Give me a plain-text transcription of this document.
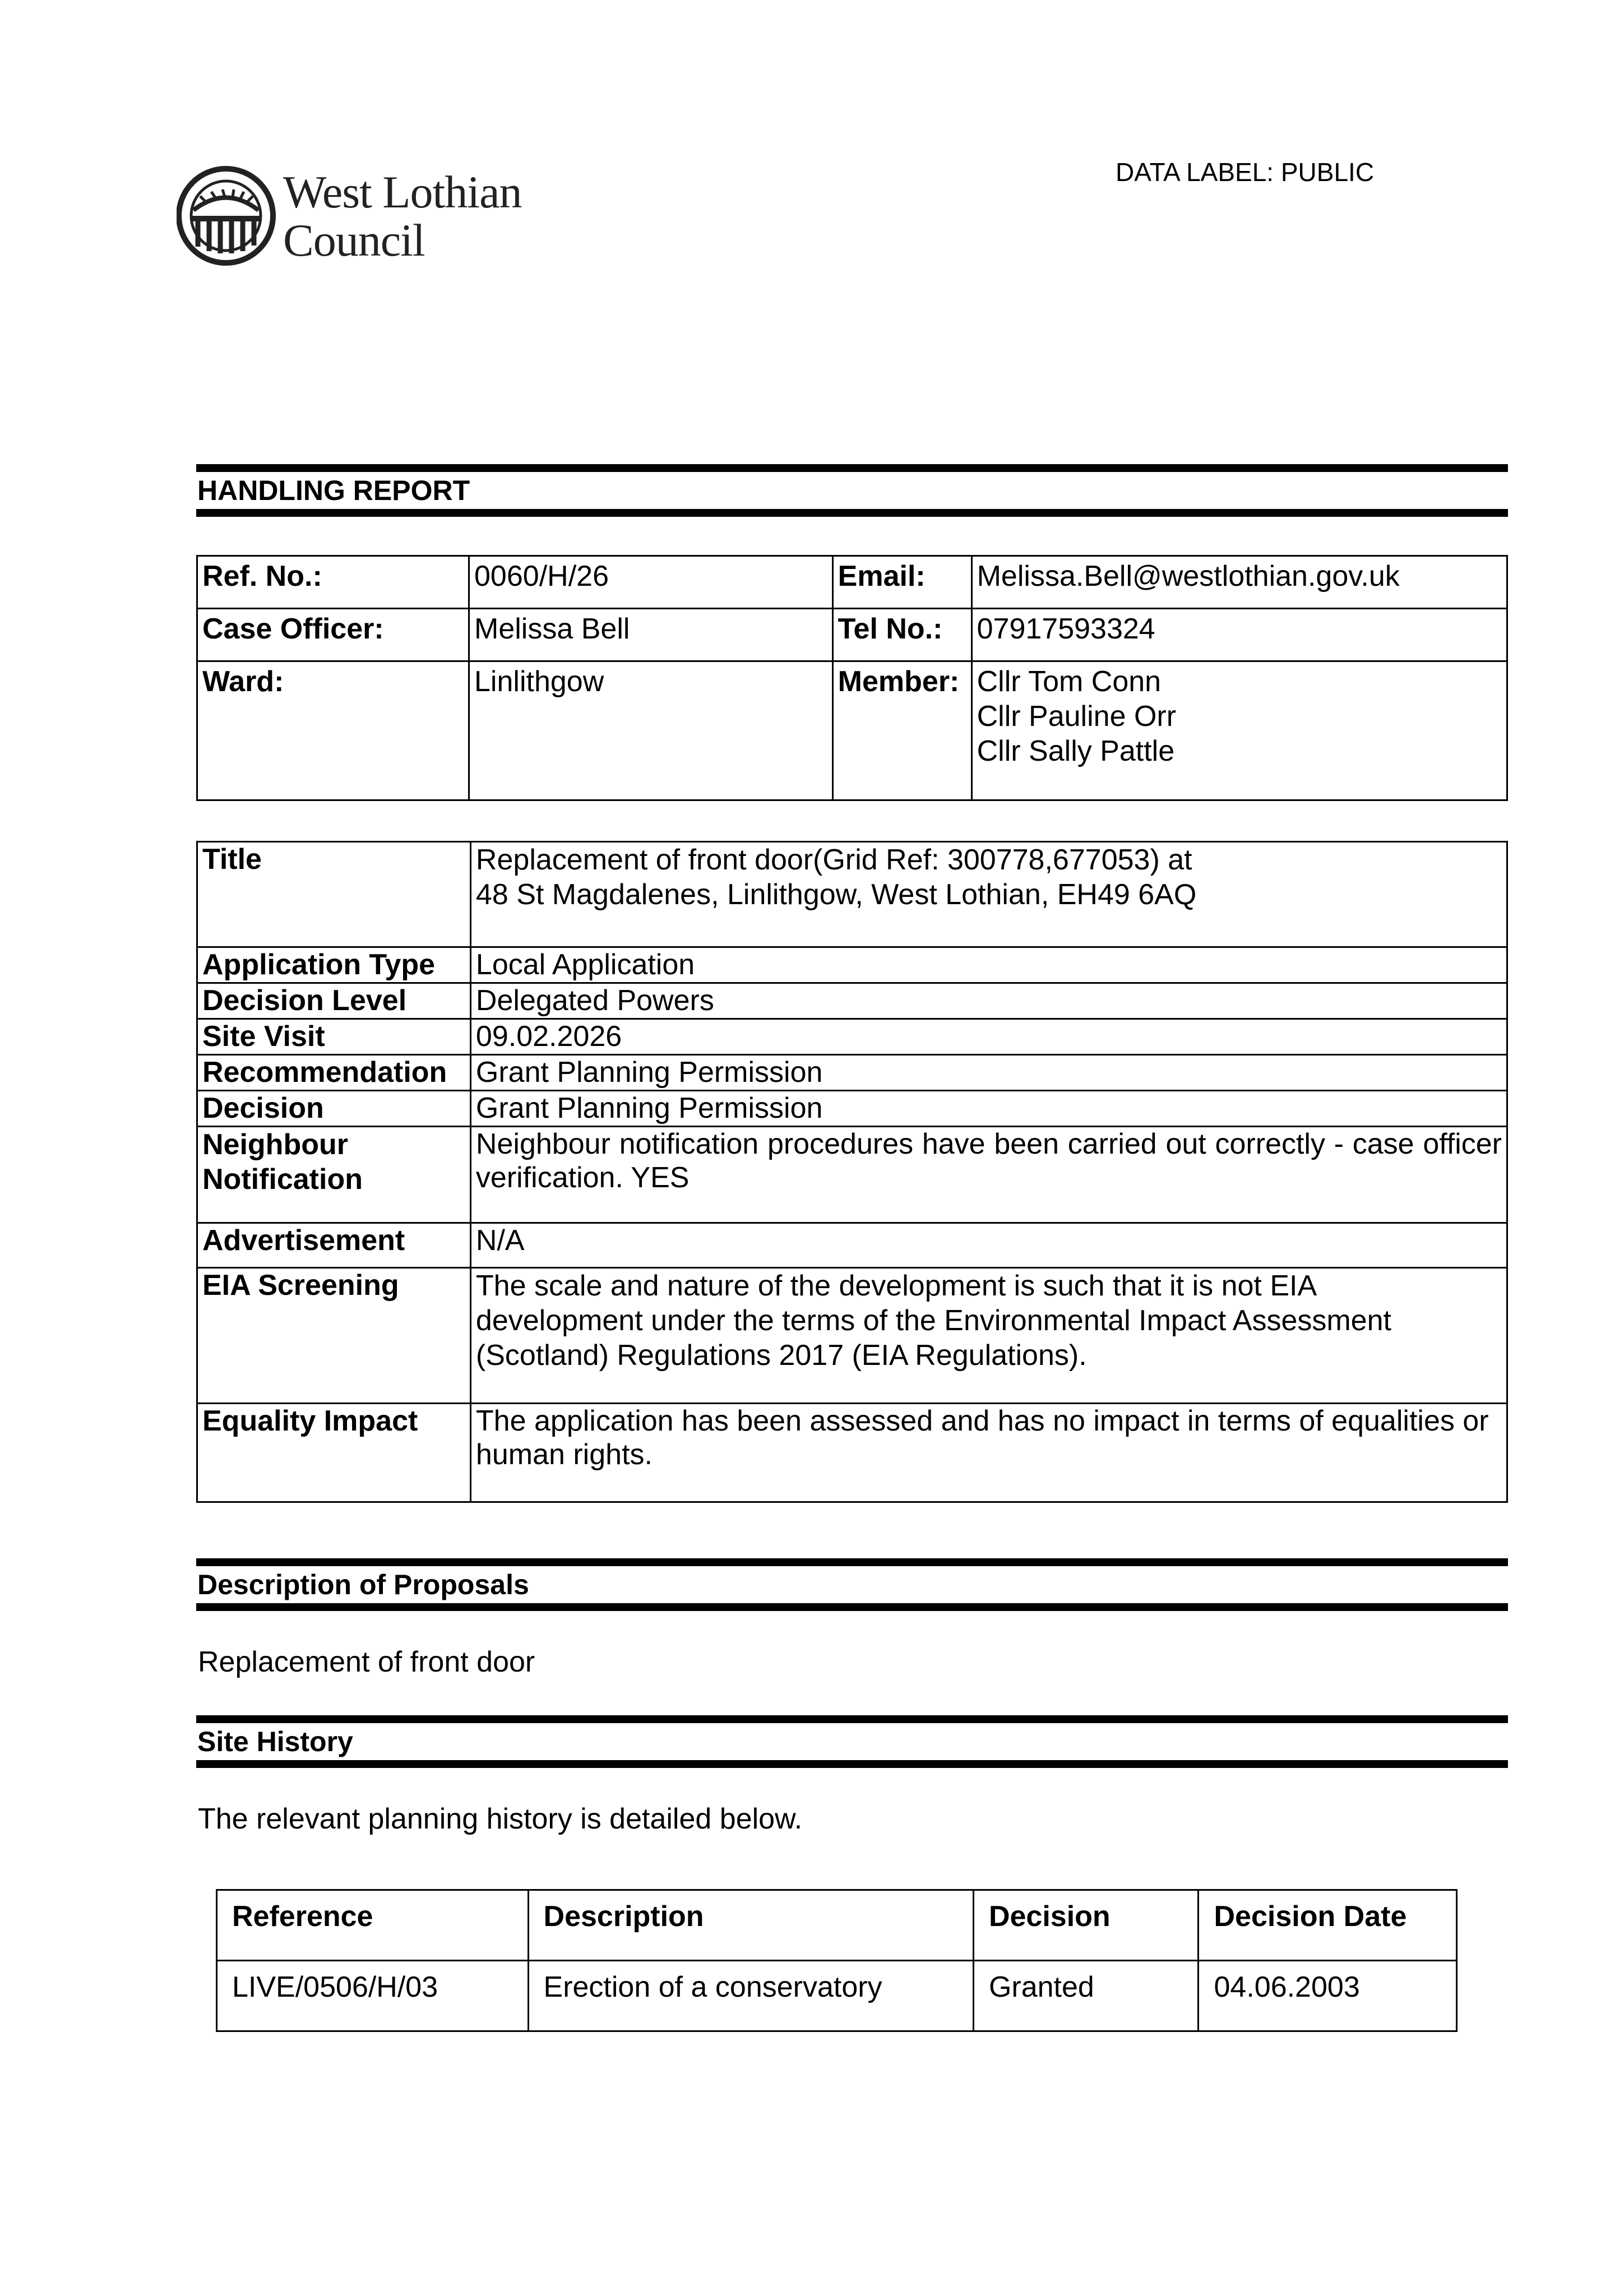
DATA LABEL: PUBLIC
West Lothian
Council
HANDLING REPORT
Ref. No.:	0060/H/26	Email:	Melissa.Bell@westlothian.gov.uk
Case Officer:	Melissa Bell	Tel No.:	07917593324
Ward:	Linlithgow	Member:	Cllr Tom Conn
Cllr Pauline Orr
Cllr Sally Pattle
Title	Replacement of front door(Grid Ref: 300778,677053) at
48 St Magdalenes, Linlithgow, West Lothian, EH49 6AQ

Application Type	Local Application
Decision Level	Delegated Powers
Site Visit	09.02.2026
Recommendation	Grant Planning Permission
Decision	Grant Planning Permission

Neighbour
Notification	Neighbour notification procedures have been carried out correctly - case officer verification. YES
Advertisement	N/A
EIA Screening	The scale and nature of the development is such that it is not EIA
development under the terms of the Environmental Impact Assessment
(Scotland) Regulations 2017 (EIA Regulations).

Equality Impact	The application has been assessed and has no impact in terms of equalities or human rights.
Description of Proposals
Replacement of front door
Site History
The relevant planning history is detailed below.
Reference	Description	Decision	Decision Date
LIVE/0506/H/03	Erection of a conservatory	Granted	04.06.2003
